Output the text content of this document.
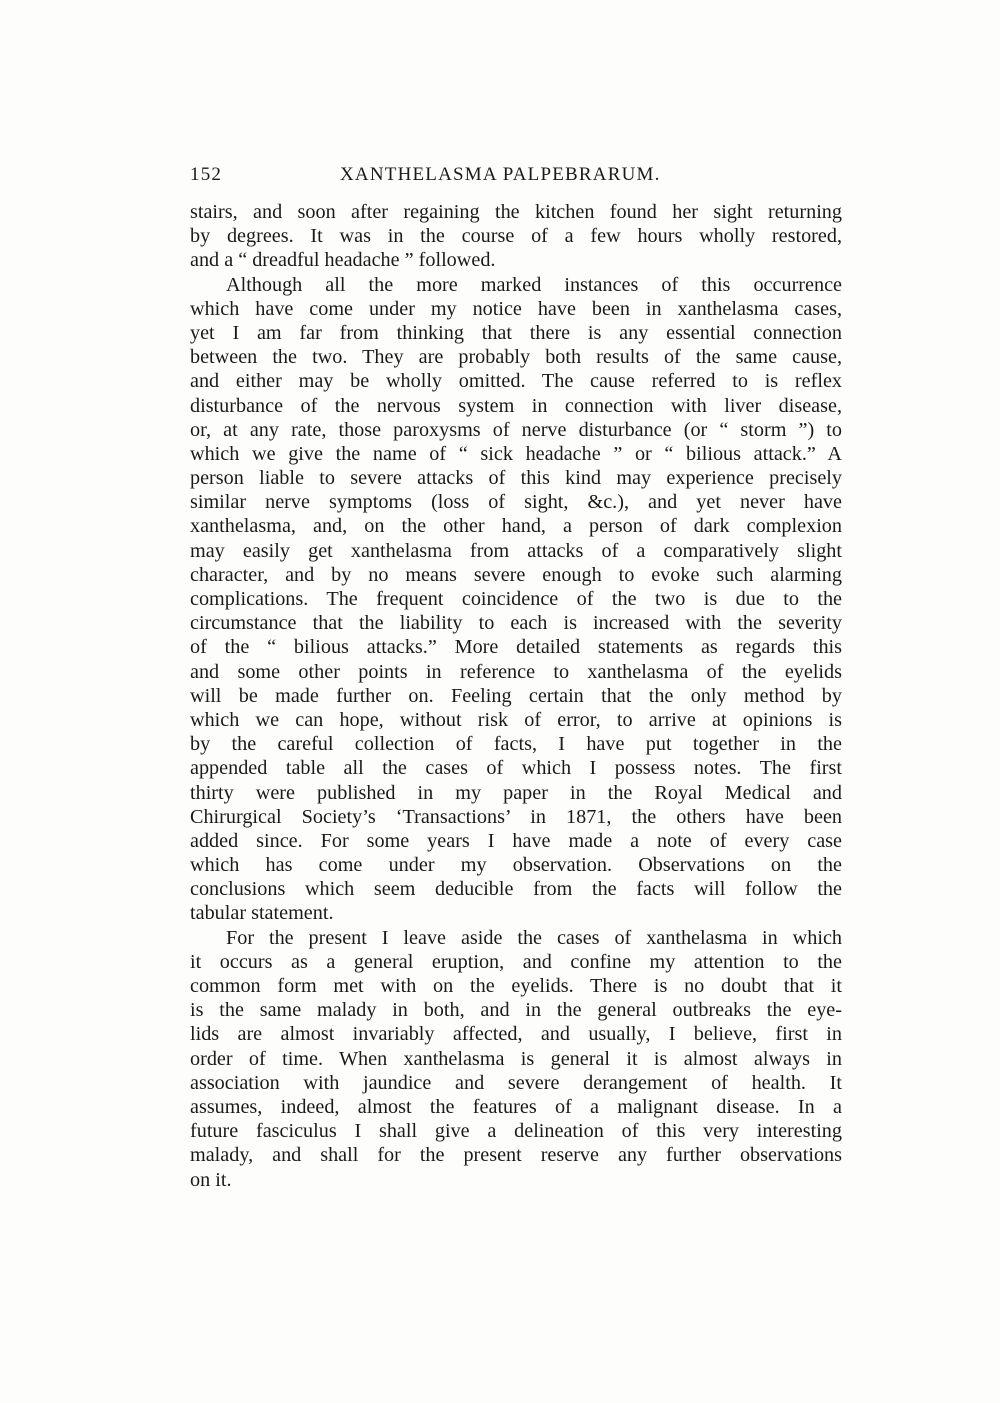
152	XANTHELASMA PALPEBRARUM.
stairs, and soon after regaining the kitchen found her sight returning
by degrees. It was in the course of a few hours wholly restored,
and a “ dreadful headache ” followed.
Although all the more marked instances of this occurrence
which have come under my notice have been in xanthelasma cases,
yet I am far from thinking that there is any essential connection
between the two. They are probably both results of the same cause,
and either may be wholly omitted. The cause referred to is reflex
disturbance of the nervous system in connection with liver disease,
or, at any rate, those paroxysms of nerve disturbance (or “ storm ”) to
which we give the name of “ sick headache ” or “ bilious attack.” A
person liable to severe attacks of this kind may experience precisely
similar nerve symptoms (loss of sight, &c.), and yet never have
xanthelasma, and, on the other hand, a person of dark complexion
may easily get xanthelasma from attacks of a comparatively slight
character, and by no means severe enough to evoke such alarming
complications. The frequent coincidence of the two is due to the
circumstance that the liability to each is increased with the severity
of the “ bilious attacks.” More detailed statements as regards this
and some other points in reference to xanthelasma of the eyelids
will be made further on. Feeling certain that the only method by
which we can hope, without risk of error, to arrive at opinions is
by the careful collection of facts, I have put together in the
appended table all the cases of which I possess notes. The first
thirty were published in my paper in the Royal Medical and
Chirurgical Society’s ‘Transactions’ in 1871, the others have been
added since. For some years I have made a note of every case
which has come under my observation. Observations on the
conclusions which seem deducible from the facts will follow the
tabular statement.
For the present I leave aside the cases of xanthelasma in which
it occurs as a general eruption, and confine my attention to the
common form met with on the eyelids. There is no doubt that it
is the same malady in both, and in the general outbreaks the eye-
lids are almost invariably affected, and usually, I believe, first in
order of time. When xanthelasma is general it is almost always in
association with jaundice and severe derangement of health. It
assumes, indeed, almost the features of a malignant disease. In a
future fasciculus I shall give a delineation of this very interesting
malady, and shall for the present reserve any further observations
on it.
